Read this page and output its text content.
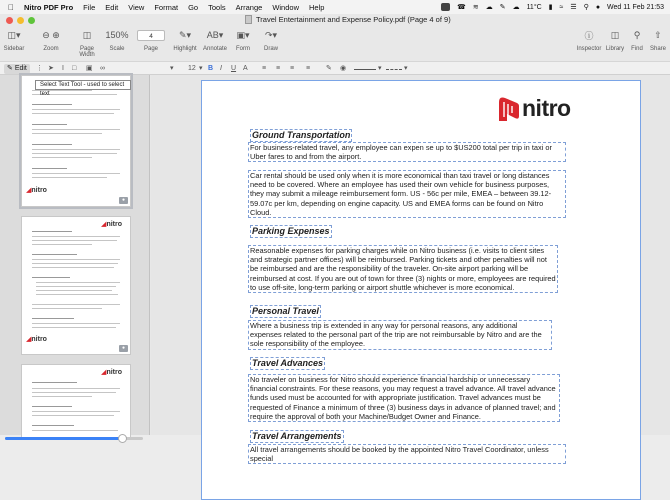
Nitro PDF Pro File Edit View Format Go Tools Arrange Window Help	☎ ≋ ☁ ✎ ☁ 11°C ▮ ≈ ☰ ⚲ ● Wed 11 Feb 21:53
Travel Entertainment and Expense Policy.pdf (Page 4 of 9)
◫▾
Sidebar
⊖ ⊕
Zoom
◫
Page Width
150%
Scale
4
Page
✎▾
Highlight
AB▾
Annotate
▣▾
Form
↷▾
Draw
ⓘ
Inspector
◫
Library
⚲
Find
⇧
Share
✎ Edit	⋮ ➤ I □ ▣ ∞	▾ 12 ▾ B I U A ≡ ≡ ≡ ≡ ✎ ◉	▾	▾
Select Text Tool - used to select text
◢nitro
●
◢nitro
◢nitro
●
◢nitro
nitro
Ground Transportation
For business-related travel, any employee can expen se up to $US200 total per trip in taxi or Uber fares to and from the airport.
Car rental should be used only when it is more economical than taxi travel or long distances need to be covered. Where an employee has used their own vehicle for business purposes, they may submit a mileage reimbursement form. US - 56c per mile, EMEA – between 39.12-59.07c per km, depending on engine capacity. US and EMEA forms can be found on Nitro Cloud.
Parking Expenses
Reasonable expenses for parking charges while on Nitro business (i.e. visits to client sites and strategic partner offices) will be reimbursed. Parking tickets and other penalties will not be reimbursed and are the responsibility of the traveler. On-site airport parking will be reimbursed at cost. If you are out of town for three (3) nights or more, employees are required to use off-site, long-term parking or airport shuttle whichever is more economical.
Personal Travel
Where a business trip is extended in any way for personal reasons, any additional expenses related to the personal part of the trip are not reimbursable by Nitro and are the sole responsibility of the employee.
Travel Advances
No traveler on business for Nitro should experience financial hardship or unnecessary financial constraints. For these reasons, you may request a travel advance. All travel advance funds used must be accounted for with appropriate justification. Travel advances must be requested of Finance a minimum of three (3) business days in advance of planned travel; and require the approval of both your Machine/Budget Owner and Finance.
Travel Arrangements
All travel arrangements should be booked by the appointed Nitro Travel Coordinator, unless special
